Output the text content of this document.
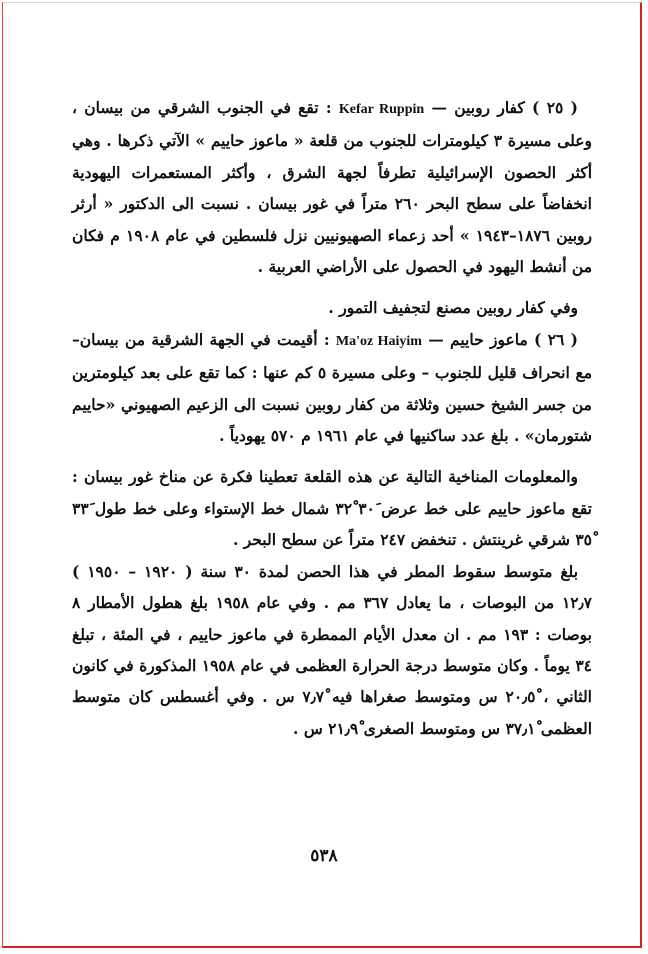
( ٢٥ ) كفار روبين — Kefar Ruppin : تقع في الجنوب الشرقي من بيسان ، وعلى مسيرة ٣ كيلومترات للجنوب من قلعة « ماعوز حاييم » الآتي ذكرها . وهي أكثر الحصون الإسرائيلية تطرفاً لجهة الشرق ، وأكثر المستعمرات اليهودية انخفاضاً على سطح البحر ٢٦٠ متراً في غور بيسان . نسبت الى الدكتور « أرثر روبين ١٨٧٦–١٩٤٣ » أحد زعماء الصهيونيين نزل فلسطين في عام ١٩٠٨ م فكان من أنشط اليهود في الحصول على الأراضي العربية .

وفي كفار روبين مصنع لتجفيف التمور .

( ٢٦ ) ماعوز حاييم — Ma'oz Haiyim : أقيمت في الجهة الشرقية من بيسان– مع انحراف قليل للجنوب – وعلى مسيرة ٥ كم عنها : كما تقع على بعد كيلومترين من جسر الشيخ حسين وثلاثة من كفار روبين نسبت الى الزعيم الصهيوني «حاييم شتورمان» . بلغ عدد ساكنيها في عام ١٩٦١ م ٥٧٠ يهودياً .

والمعلومات المناخية التالية عن هذه القلعة تعطينا فكرة عن مناخ غور بيسان : تقع ماعوز حاييم على خط عرض ٣٠َ ٣٢ْ شمال خط الإستواء وعلى خط طول ٣٣َ ٣٥ْ شرقي غرينتش . تنخفض ٢٤٧ متراً عن سطح البحر .

بلغ متوسط سقوط المطر في هذا الحصن لمدة ٣٠ سنة ( ١٩٢٠ – ١٩٥٠ ) ١٢٫٧ من البوصات ، ما يعادل ٣٦٧ مم . وفي عام ١٩٥٨ بلغ هطول الأمطار ٨ بوصات : ١٩٣ مم . ان معدل الأيام الممطرة في ماعوز حاييم ، في المئة ، تبلغ ٣٤ يوماً . وكان متوسط درجة الحرارة العظمى في عام ١٩٥٨ المذكورة في كانون الثاني ، ٢٠٫٥ْ س ومتوسط صغراها فيه ٧٫٧ْ س . وفي أغسطس كان متوسط العظمى ٣٧٫١ْ س ومتوسط الصغرى ٢١٫٩ْ س .

٥٣٨
